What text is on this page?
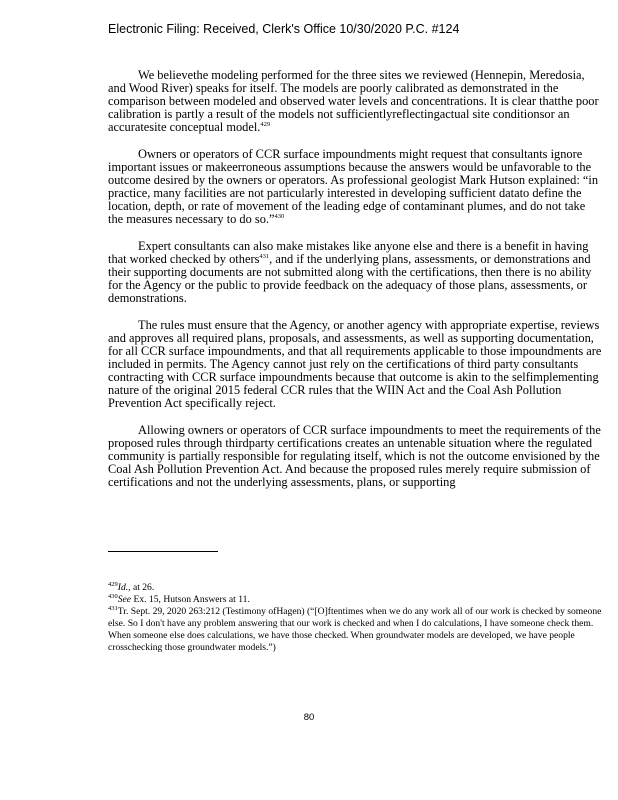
Electronic Filing: Received, Clerk's Office 10/30/2020 P.C. #124

We believethe modeling performed for the three sites we reviewed (Hennepin, Meredosia, and Wood River) speaks for itself. The models are poorly calibrated as demonstrated in the comparison between modeled and observed water levels and concentrations. It is clear thatthe poor calibration is partly a result of the models not sufficientlyreflectingactual site conditionsor an accuratesite conceptual model.$^{429}$

Owners or operators of CCR surface impoundments might request that consultants ignore important issues or makeerroneous assumptions because the answers would be unfavorable to the outcome desired by the owners or operators. As professional geologist Mark Hutson explained: “in practice, many facilities are not particularly interested in developing sufficient datato define the location, depth, or rate of movement of the leading edge of contaminant plumes, and do not take the measures necessary to do so.”$^{430}$

Expert consultants can also make mistakes like anyone else and there is a benefit in having that worked checked by others$^{431}$, and if the underlying plans, assessments, or demonstrations and their supporting documents are not submitted along with the certifications, then there is no ability for the Agency or the public to provide feedback on the adequacy of those plans, assessments, or demonstrations.

The rules must ensure that the Agency, or another agency with appropriate expertise, reviews and approves all required plans, proposals, and assessments, as well as supporting documentation, for all CCR surface impoundments, and that all requirements applicable to those impoundments are included in permits. The Agency cannot just rely on the certifications of third party consultants contracting with CCR surface impoundments because that outcome is akin to the selfimplementing nature of the original 2015 federal CCR rules that the WIIN Act and the Coal Ash Pollution Prevention Act specifically reject.

Allowing owners or operators of CCR surface impoundments to meet the requirements of the proposed rules through thirdparty certifications creates an untenable situation where the regulated community is partially responsible for regulating itself, which is not the outcome envisioned by the Coal Ash Pollution Prevention Act. And because the proposed rules merely require submission of certifications and not the underlying assessments, plans, or supporting

$^{429}$Id., at 26.

$^{430}$See Ex. 15, Hutson Answers at 11.

$^{431}$Tr. Sept. 29, 2020 263:212 (Testimony ofHagen) (“[O]ftentimes when we do any work all of our work is checked by someone else. So I don't have any problem answering that our work is checked and when I do calculations, I have someone check them. When someone else does calculations, we have those checked. When groundwater models are developed, we have people crosschecking those groundwater models.”)

80
